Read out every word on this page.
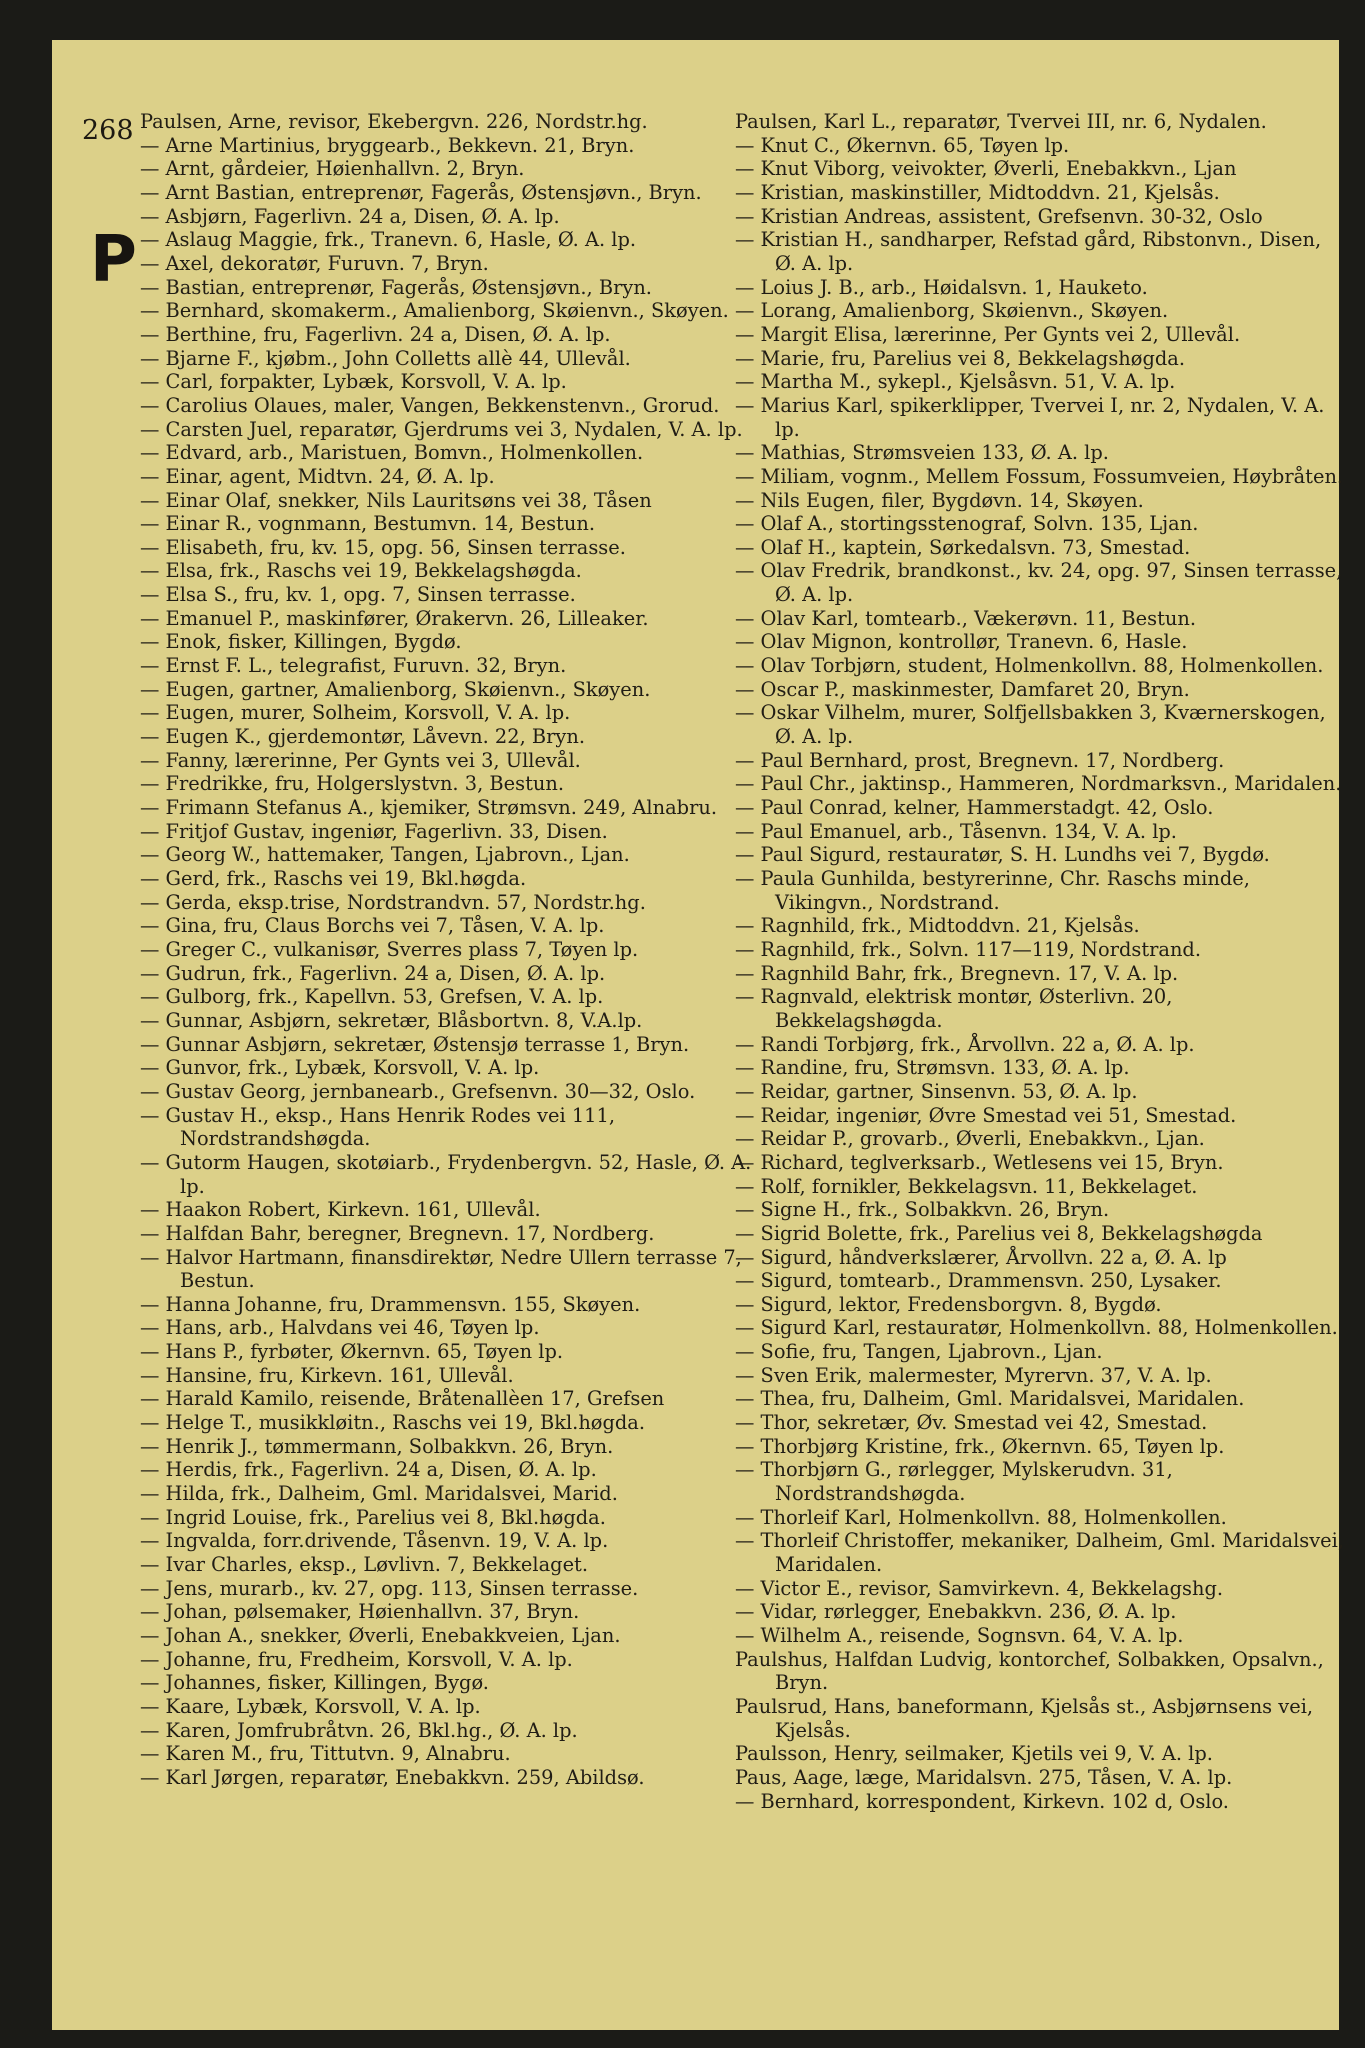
268
P
Paulsen, Arne, revisor, Ekebergvn. 226, Nordstr.hg.
— Arne Martinius, bryggearb., Bekkevn. 21, Bryn.
— Arnt, gårdeier, Høienhallvn. 2, Bryn.
— Arnt Bastian, entreprenør, Fagerås, Østensjøvn., Bryn.
— Asbjørn, Fagerlivn. 24 a, Disen, Ø. A. lp.
— Aslaug Maggie, frk., Tranevn. 6, Hasle, Ø. A. lp.
— Axel, dekoratør, Furuvn. 7, Bryn.
— Bastian, entreprenør, Fagerås, Østensjøvn., Bryn.
— Bernhard, skomakerm., Amalienborg, Skøienvn., Skøyen.
— Berthine, fru, Fagerlivn. 24 a, Disen, Ø. A. lp.
— Bjarne F., kjøbm., John Colletts allè 44, Ullevål.
— Carl, forpakter, Lybæk, Korsvoll, V. A. lp.
— Carolius Olaues, maler, Vangen, Bekkenstenvn., Grorud.
— Carsten Juel, reparatør, Gjerdrums vei 3, Nydalen, V. A. lp.
— Edvard, arb., Maristuen, Bomvn., Holmenkollen.
— Einar, agent, Midtvn. 24, Ø. A. lp.
— Einar Olaf, snekker, Nils Lauritsøns vei 38, Tåsen
— Einar R., vognmann, Bestumvn. 14, Bestun.
— Elisabeth, fru, kv. 15, opg. 56, Sinsen terrasse.
— Elsa, frk., Raschs vei 19, Bekkelagshøgda.
— Elsa S., fru, kv. 1, opg. 7, Sinsen terrasse.
— Emanuel P., maskinfører, Ørakervn. 26, Lilleaker.
— Enok, fisker, Killingen, Bygdø.
— Ernst F. L., telegrafist, Furuvn. 32, Bryn.
— Eugen, gartner, Amalienborg, Skøienvn., Skøyen.
— Eugen, murer, Solheim, Korsvoll, V. A. lp.
— Eugen K., gjerdemontør, Låvevn. 22, Bryn.
— Fanny, lærerinne, Per Gynts vei 3, Ullevål.
— Fredrikke, fru, Holgerslystvn. 3, Bestun.
— Frimann Stefanus A., kjemiker, Strømsvn. 249, Alnabru.
— Fritjof Gustav, ingeniør, Fagerlivn. 33, Disen.
— Georg W., hattemaker, Tangen, Ljabrovn., Ljan.
— Gerd, frk., Raschs vei 19, Bkl.høgda.
— Gerda, eksp.trise, Nordstrandvn. 57, Nordstr.hg.
— Gina, fru, Claus Borchs vei 7, Tåsen, V. A. lp.
— Greger C., vulkanisør, Sverres plass 7, Tøyen lp.
— Gudrun, frk., Fagerlivn. 24 a, Disen, Ø. A. lp.
— Gulborg, frk., Kapellvn. 53, Grefsen, V. A. lp.
— Gunnar, Asbjørn, sekretær, Blåsbortvn. 8, V.A.lp.
— Gunnar Asbjørn, sekretær, Østensjø terrasse 1, Bryn.
— Gunvor, frk., Lybæk, Korsvoll, V. A. lp.
— Gustav Georg, jernbanearb., Grefsenvn. 30—32, Oslo.
— Gustav H., eksp., Hans Henrik Rodes vei 111, Nordstrandshøgda.
— Gutorm Haugen, skotøiarb., Frydenbergvn. 52, Hasle, Ø. A. lp.
— Haakon Robert, Kirkevn. 161, Ullevål.
— Halfdan Bahr, beregner, Bregnevn. 17, Nordberg.
— Halvor Hartmann, finansdirektør, Nedre Ullern terrasse 7, Bestun.
— Hanna Johanne, fru, Drammensvn. 155, Skøyen.
— Hans, arb., Halvdans vei 46, Tøyen lp.
— Hans P., fyrbøter, Økernvn. 65, Tøyen lp.
— Hansine, fru, Kirkevn. 161, Ullevål.
— Harald Kamilo, reisende, Bråtenallèen 17, Grefsen
— Helge T., musikkløitn., Raschs vei 19, Bkl.høgda.
— Henrik J., tømmermann, Solbakkvn. 26, Bryn.
— Herdis, frk., Fagerlivn. 24 a, Disen, Ø. A. lp.
— Hilda, frk., Dalheim, Gml. Maridalsvei, Marid.
— Ingrid Louise, frk., Parelius vei 8, Bkl.høgda.
— Ingvalda, forr.drivende, Tåsenvn. 19, V. A. lp.
— Ivar Charles, eksp., Løvlivn. 7, Bekkelaget.
— Jens, murarb., kv. 27, opg. 113, Sinsen terrasse.
— Johan, pølsemaker, Høienhallvn. 37, Bryn.
— Johan A., snekker, Øverli, Enebakkveien, Ljan.
— Johanne, fru, Fredheim, Korsvoll, V. A. lp.
— Johannes, fisker, Killingen, Bygø.
— Kaare, Lybæk, Korsvoll, V. A. lp.
— Karen, Jomfrubråtvn. 26, Bkl.hg., Ø. A. lp.
— Karen M., fru, Tittutvn. 9, Alnabru.
— Karl Jørgen, reparatør, Enebakkvn. 259, Abildsø.
Paulsen, Karl L., reparatør, Tvervei III, nr. 6, Nydalen.
— Knut C., Økernvn. 65, Tøyen lp.
— Knut Viborg, veivokter, Øverli, Enebakkvn., Ljan
— Kristian, maskinstiller, Midtoddvn. 21, Kjelsås.
— Kristian Andreas, assistent, Grefsenvn. 30-32, Oslo
— Kristian H., sandharper, Refstad gård, Ribstonvn., Disen, Ø. A. lp.
— Loius J. B., arb., Høidalsvn. 1, Hauketo.
— Lorang, Amalienborg, Skøienvn., Skøyen.
— Margit Elisa, lærerinne, Per Gynts vei 2, Ullevål.
— Marie, fru, Parelius vei 8, Bekkelagshøgda.
— Martha M., sykepl., Kjelsåsvn. 51, V. A. lp.
— Marius Karl, spikerklipper, Tvervei I, nr. 2, Nydalen, V. A. lp.
— Mathias, Strømsveien 133, Ø. A. lp.
— Miliam, vognm., Mellem Fossum, Fossumveien, Høybråten.
— Nils Eugen, filer, Bygdøvn. 14, Skøyen.
— Olaf A., stortingsstenograf, Solvn. 135, Ljan.
— Olaf H., kaptein, Sørkedalsvn. 73, Smestad.
— Olav Fredrik, brandkonst., kv. 24, opg. 97, Sinsen terrasse, Ø. A. lp.
— Olav Karl, tomtearb., Vækerøvn. 11, Bestun.
— Olav Mignon, kontrollør, Tranevn. 6, Hasle.
— Olav Torbjørn, student, Holmenkollvn. 88, Holmenkollen.
— Oscar P., maskinmester, Damfaret 20, Bryn.
— Oskar Vilhelm, murer, Solfjellsbakken 3, Kværnerskogen, Ø. A. lp.
— Paul Bernhard, prost, Bregnevn. 17, Nordberg.
— Paul Chr., jaktinsp., Hammeren, Nordmarksvn., Maridalen.
— Paul Conrad, kelner, Hammerstadgt. 42, Oslo.
— Paul Emanuel, arb., Tåsenvn. 134, V. A. lp.
— Paul Sigurd, restauratør, S. H. Lundhs vei 7, Bygdø.
— Paula Gunhilda, bestyrerinne, Chr. Raschs minde, Vikingvn., Nordstrand.
— Ragnhild, frk., Midtoddvn. 21, Kjelsås.
— Ragnhild, frk., Solvn. 117—119, Nordstrand.
— Ragnhild Bahr, frk., Bregnevn. 17, V. A. lp.
— Ragnvald, elektrisk montør, Østerlivn. 20, Bekkelagshøgda.
— Randi Torbjørg, frk., Årvollvn. 22 a, Ø. A. lp.
— Randine, fru, Strømsvn. 133, Ø. A. lp.
— Reidar, gartner, Sinsenvn. 53, Ø. A. lp.
— Reidar, ingeniør, Øvre Smestad vei 51, Smestad.
— Reidar P., grovarb., Øverli, Enebakkvn., Ljan.
— Richard, teglverksarb., Wetlesens vei 15, Bryn.
— Rolf, fornikler, Bekkelagsvn. 11, Bekkelaget.
— Signe H., frk., Solbakkvn. 26, Bryn.
— Sigrid Bolette, frk., Parelius vei 8, Bekkelagshøgda
— Sigurd, håndverkslærer, Årvollvn. 22 a, Ø. A. lp
— Sigurd, tomtearb., Drammensvn. 250, Lysaker.
— Sigurd, lektor, Fredensborgvn. 8, Bygdø.
— Sigurd Karl, restauratør, Holmenkollvn. 88, Holmenkollen.
— Sofie, fru, Tangen, Ljabrovn., Ljan.
— Sven Erik, malermester, Myrervn. 37, V. A. lp.
— Thea, fru, Dalheim, Gml. Maridalsvei, Maridalen.
— Thor, sekretær, Øv. Smestad vei 42, Smestad.
— Thorbjørg Kristine, frk., Økernvn. 65, Tøyen lp.
— Thorbjørn G., rørlegger, Mylskerudvn. 31, Nordstrandshøgda.
— Thorleif Karl, Holmenkollvn. 88, Holmenkollen.
— Thorleif Christoffer, mekaniker, Dalheim, Gml. Maridalsvei, Maridalen.
— Victor E., revisor, Samvirkevn. 4, Bekkelagshg.
— Vidar, rørlegger, Enebakkvn. 236, Ø. A. lp.
— Wilhelm A., reisende, Sognsvn. 64, V. A. lp.
Paulshus, Halfdan Ludvig, kontorchef, Solbakken, Opsalvn., Bryn.
Paulsrud, Hans, baneformann, Kjelsås st., Asbjørnsens vei, Kjelsås.
Paulsson, Henry, seilmaker, Kjetils vei 9, V. A. lp.
Paus, Aage, læge, Maridalsvn. 275, Tåsen, V. A. lp.
— Bernhard, korrespondent, Kirkevn. 102 d, Oslo.
